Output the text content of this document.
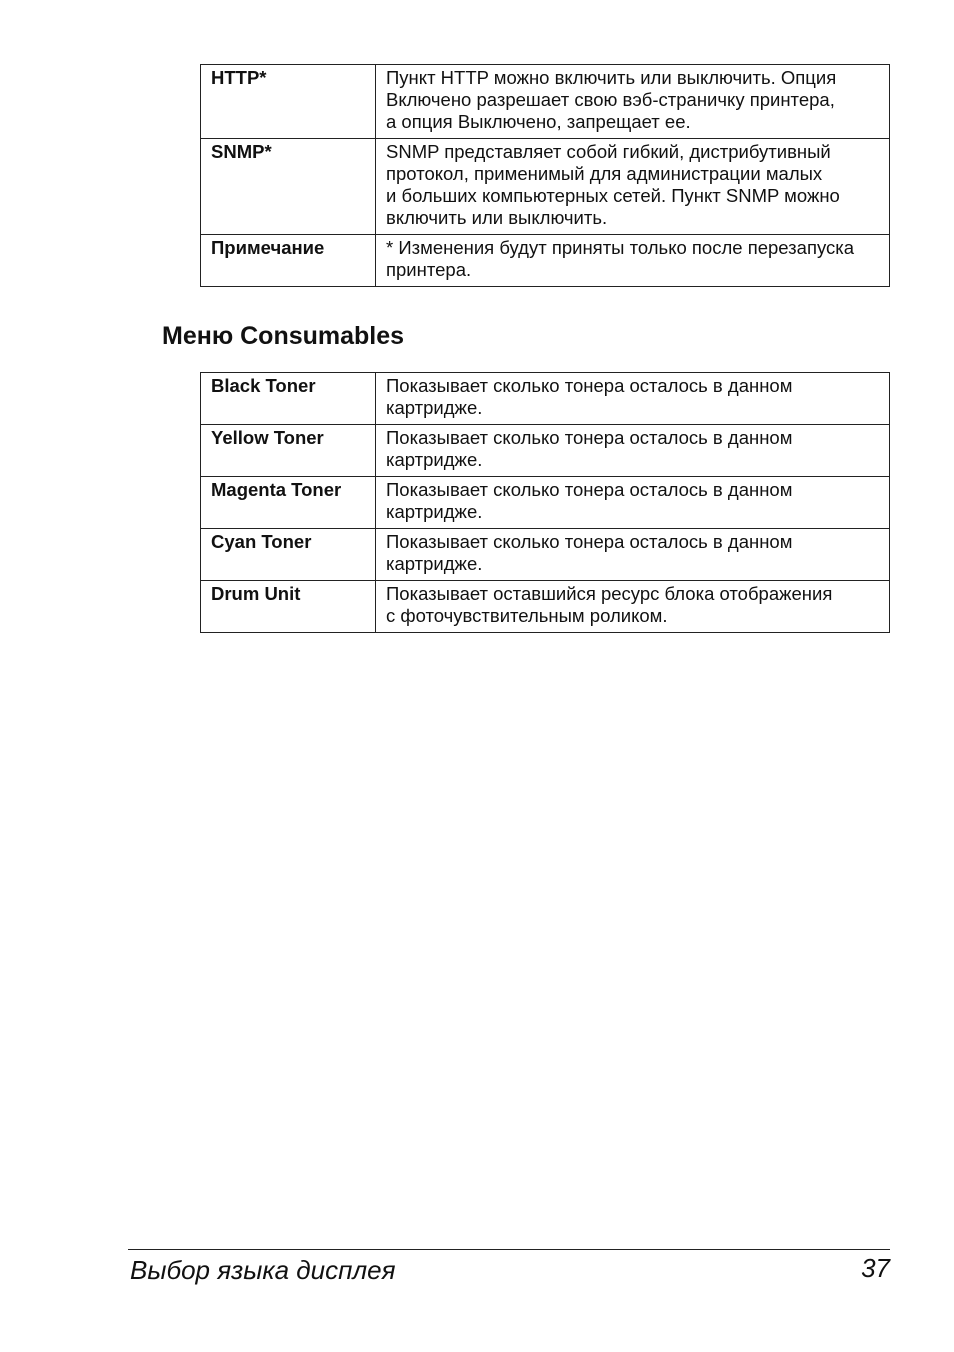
HTTP*	Пункт HTTP можно включить или выключить. Опция
Включено разрешает свою вэб-страничку принтера,
а опция Выключено, запрещает ее.
SNMP*	SNMP представляет собой гибкий, дистрибутивный
протокол, применимый для администрации малых
и больших компьютерных сетей. Пункт SNMP можно
включить или выключить.
Примечание	* Изменения будут приняты только после перезапуска
принтера.
Меню Consumables
Black Toner	Показывает сколько тонера осталось в данном
картридже.
Yellow Toner	Показывает сколько тонера осталось в данном
картридже.
Magenta Toner	Показывает сколько тонера осталось в данном
картридже.
Cyan Toner	Показывает сколько тонера осталось в данном
картридже.
Drum Unit	Показывает оставшийся ресурс блока отображения
с фоточувствительным роликом.
Выбор языка дисплея	37
